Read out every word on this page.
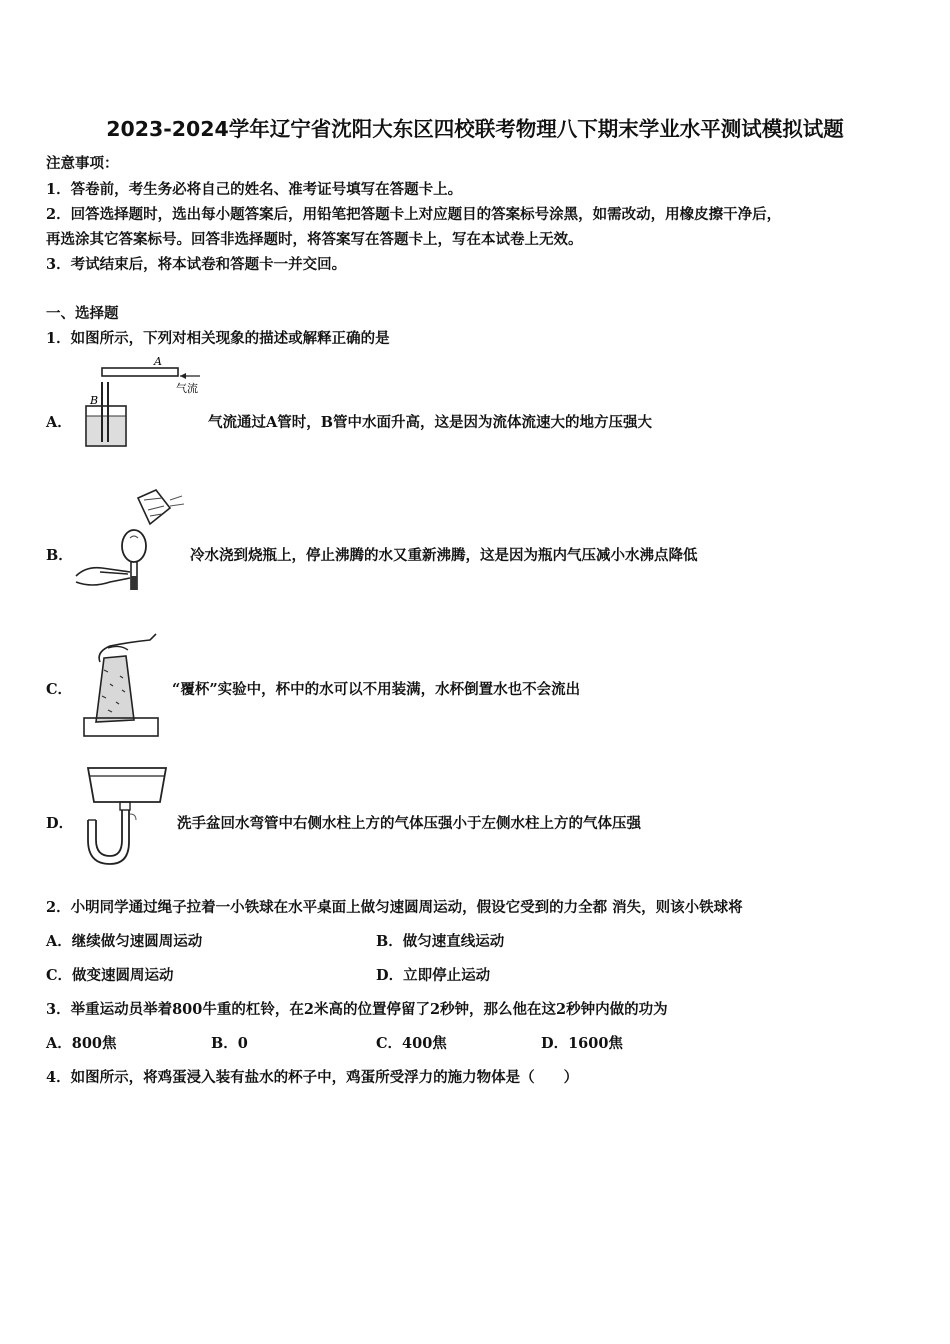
2023-2024学年辽宁省沈阳大东区四校联考物理八下期末学业水平测试模拟试题
注意事项：
1．答卷前，考生务必将自己的姓名、准考证号填写在答题卡上。
2．回答选择题时，选出每小题答案后，用铅笔把答题卡上对应题目的答案标号涂黑，如需改动，用橡皮擦干净后，
再选涂其它答案标号。回答非选择题时，将答案写在答题卡上，写在本试卷上无效。
3．考试结束后，将本试卷和答题卡一并交回。
一、选择题
1．如图所示，下列对相关现象的描述或解释正确的是
A．
A
B
气流
气流通过A管时，B管中水面升高，这是因为流体流速大的地方压强大
B．	冷水浇到烧瓶上，停止沸腾的水又重新沸腾，这是因为瓶内气压减小水沸点降低
C．	“覆杯”实验中，杯中的水可以不用装满，水杯倒置水也不会流出
D．	洗手盆回水弯管中右侧水柱上方的气体压强小于左侧水柱上方的气体压强
2．小明同学通过绳子拉着一小铁球在水平桌面上做匀速圆周运动，假设它受到的力全都 消失，则该小铁球将
A．继续做匀速圆周运动	B．做匀速直线运动
C．做变速圆周运动	D．立即停止运动
3．举重运动员举着800牛重的杠铃，在2米高的位置停留了2秒钟，那么他在这2秒钟内做的功为
A．800焦	B．0	C．400焦	D．1600焦
4．如图所示，将鸡蛋浸入装有盐水的杯子中，鸡蛋所受浮力的施力物体是（　　）
